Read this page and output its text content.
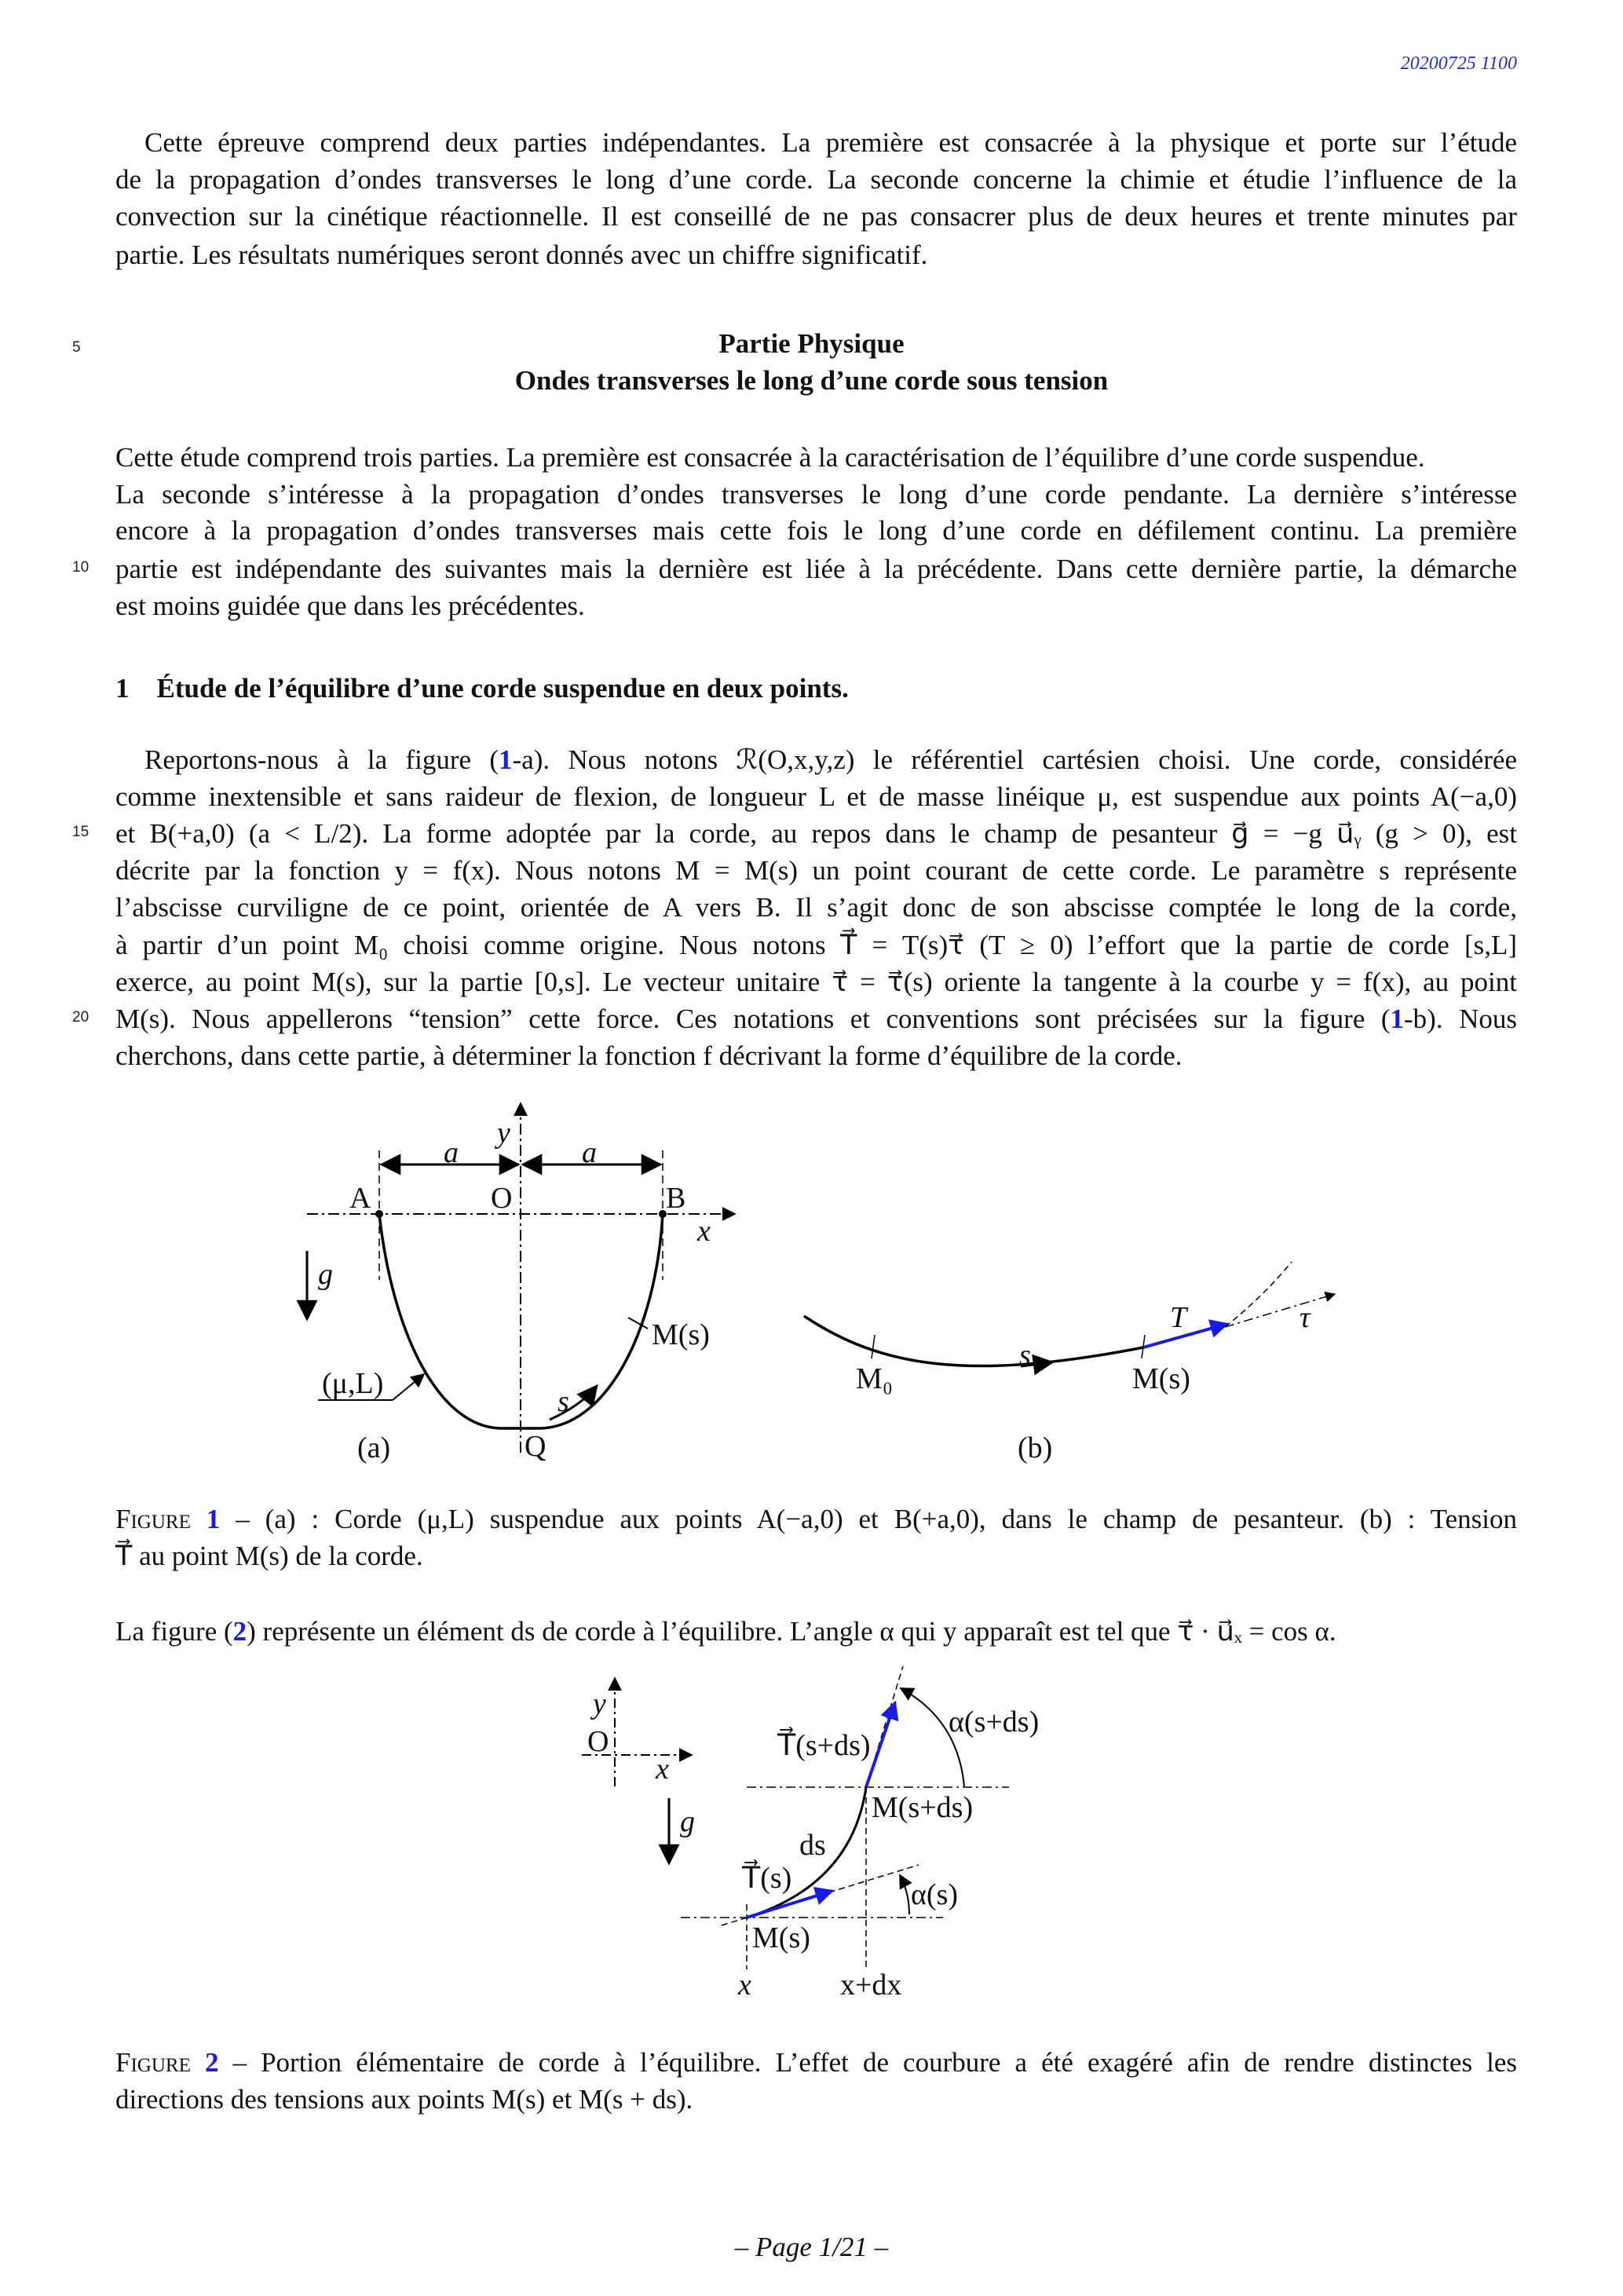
20200725 1100
Cette épreuve comprend deux parties indépendantes. La première est consacrée à la physique et porte sur l’étude
de la propagation d’ondes transverses le long d’une corde. La seconde concerne la chimie et étudie l’influence de la
convection sur la cinétique réactionnelle. Il est conseillé de ne pas consacrer plus de deux heures et trente minutes par
partie. Les résultats numériques seront donnés avec un chiffre significatif.
5	Partie Physique
Ondes transverses le long d’une corde sous tension
Cette étude comprend trois parties. La première est consacrée à la caractérisation de l’équilibre d’une corde suspendue.
La seconde s’intéresse à la propagation d’ondes transverses le long d’une corde pendante. La dernière s’intéresse
encore à la propagation d’ondes transverses mais cette fois le long d’une corde en défilement continu. La première
10 partie est indépendante des suivantes mais la dernière est liée à la précédente. Dans cette dernière partie, la démarche
est moins guidée que dans les précédentes.
1 Étude de l’équilibre d’une corde suspendue en deux points.
Reportons-nous à la figure (1-a). Nous notons ℛ(O,x,y,z) le référentiel cartésien choisi. Une corde, considérée
comme inextensible et sans raideur de flexion, de longueur L et de masse linéique μ, est suspendue aux points A(−a,0)
15 et B(+a,0) (a < L/2). La forme adoptée par la corde, au repos dans le champ de pesanteur g⃗ = −g u⃗ᵧ (g > 0), est
décrite par la fonction y = f(x). Nous notons M = M(s) un point courant de cette corde. Le paramètre s représente
l’abscisse curviligne de ce point, orientée de A vers B. Il s’agit donc de son abscisse comptée le long de la corde,
à partir d’un point M₀ choisi comme origine. Nous notons T⃗ = T(s)τ⃗ (T ≥ 0) l’effort que la partie de corde [s,L]
exerce, au point M(s), sur la partie [0,s]. Le vecteur unitaire τ⃗ = τ⃗(s) oriente la tangente à la courbe y = f(x), au point
20 M(s). Nous appellerons “tension” cette force. Ces notations et conventions sont précisées sur la figure (1-b). Nous
cherchons, dans cette partie, à déterminer la fonction f décrivant la forme d’équilibre de la corde.
a	a
y
A	O	B
x
g⃗
M(s)
(μ,L)
s
Q
(a)
M₀
s
M(s)
T⃗	τ⃗
(b)
y
O
x
g⃗
T⃗(s+ds)
α(s+ds)
M(s+ds)
ds
T⃗(s)	α(s)
M(s)
x	x+dx
Figure 1 – (a) : Corde (μ,L) suspendue aux points A(−a,0) et B(+a,0), dans le champ de pesanteur. (b) : Tension
T⃗ au point M(s) de la corde.
La figure (2) représente un élément ds de corde à l’équilibre. L’angle α qui y apparaît est tel que τ⃗ · u⃗ₓ = cos α.
Figure 2 – Portion élémentaire de corde à l’équilibre. L’effet de courbure a été exagéré afin de rendre distinctes les
directions des tensions aux points M(s) et M(s + ds).
– Page 1/21 –
